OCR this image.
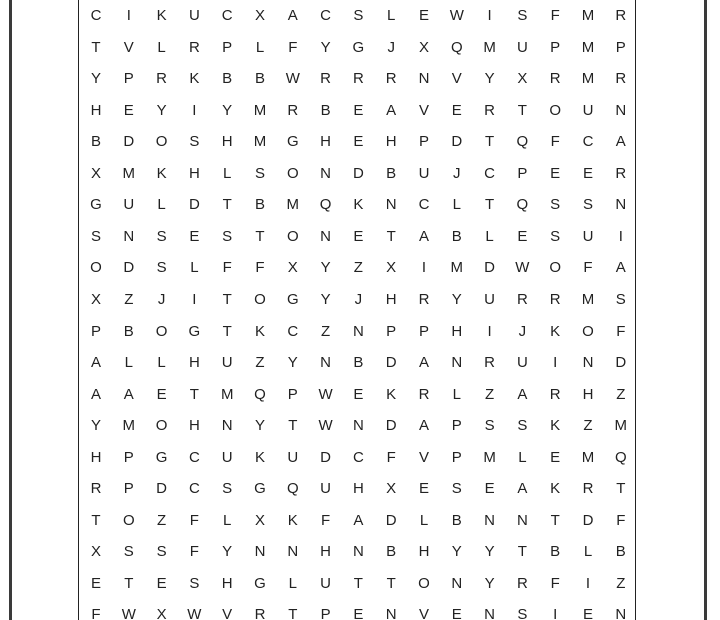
C	I	K	U	C	X	A	C	S	L	E	W	I	S	F	M	R
T	V	L	R	P	L	F	Y	G	J	X	Q	M	U	P	M	P
Y	P	R	K	B	B	W	R	R	R	N	V	Y	X	R	M	R
H	E	Y	I	Y	M	R	B	E	A	V	E	R	T	O	U	N
B	D	O	S	H	M	G	H	E	H	P	D	T	Q	F	C	A
X	M	K	H	L	S	O	N	D	B	U	J	C	P	E	E	R
G	U	L	D	T	B	M	Q	K	N	C	L	T	Q	S	S	N
S	N	S	E	S	T	O	N	E	T	A	B	L	E	S	U	I
O	D	S	L	F	F	X	Y	Z	X	I	M	D	W	O	F	A
X	Z	J	I	T	O	G	Y	J	H	R	Y	U	R	R	M	S
P	B	O	G	T	K	C	Z	N	P	P	H	I	J	K	O	F
A	L	L	H	U	Z	Y	N	B	D	A	N	R	U	I	N	D
A	A	E	T	M	Q	P	W	E	K	R	L	Z	A	R	H	Z
Y	M	O	H	N	Y	T	W	N	D	A	P	S	S	K	Z	M
H	P	G	C	U	K	U	D	C	F	V	P	M	L	E	M	Q
R	P	D	C	S	G	Q	U	H	X	E	S	E	A	K	R	T
T	O	Z	F	L	X	K	F	A	D	L	B	N	N	T	D	F
X	S	S	F	Y	N	N	H	N	B	H	Y	Y	T	B	L	B
E	T	E	S	H	G	L	U	T	T	O	N	Y	R	F	I	Z
F	W	X	W	V	R	T	P	E	N	V	E	N	S	I	E	N
